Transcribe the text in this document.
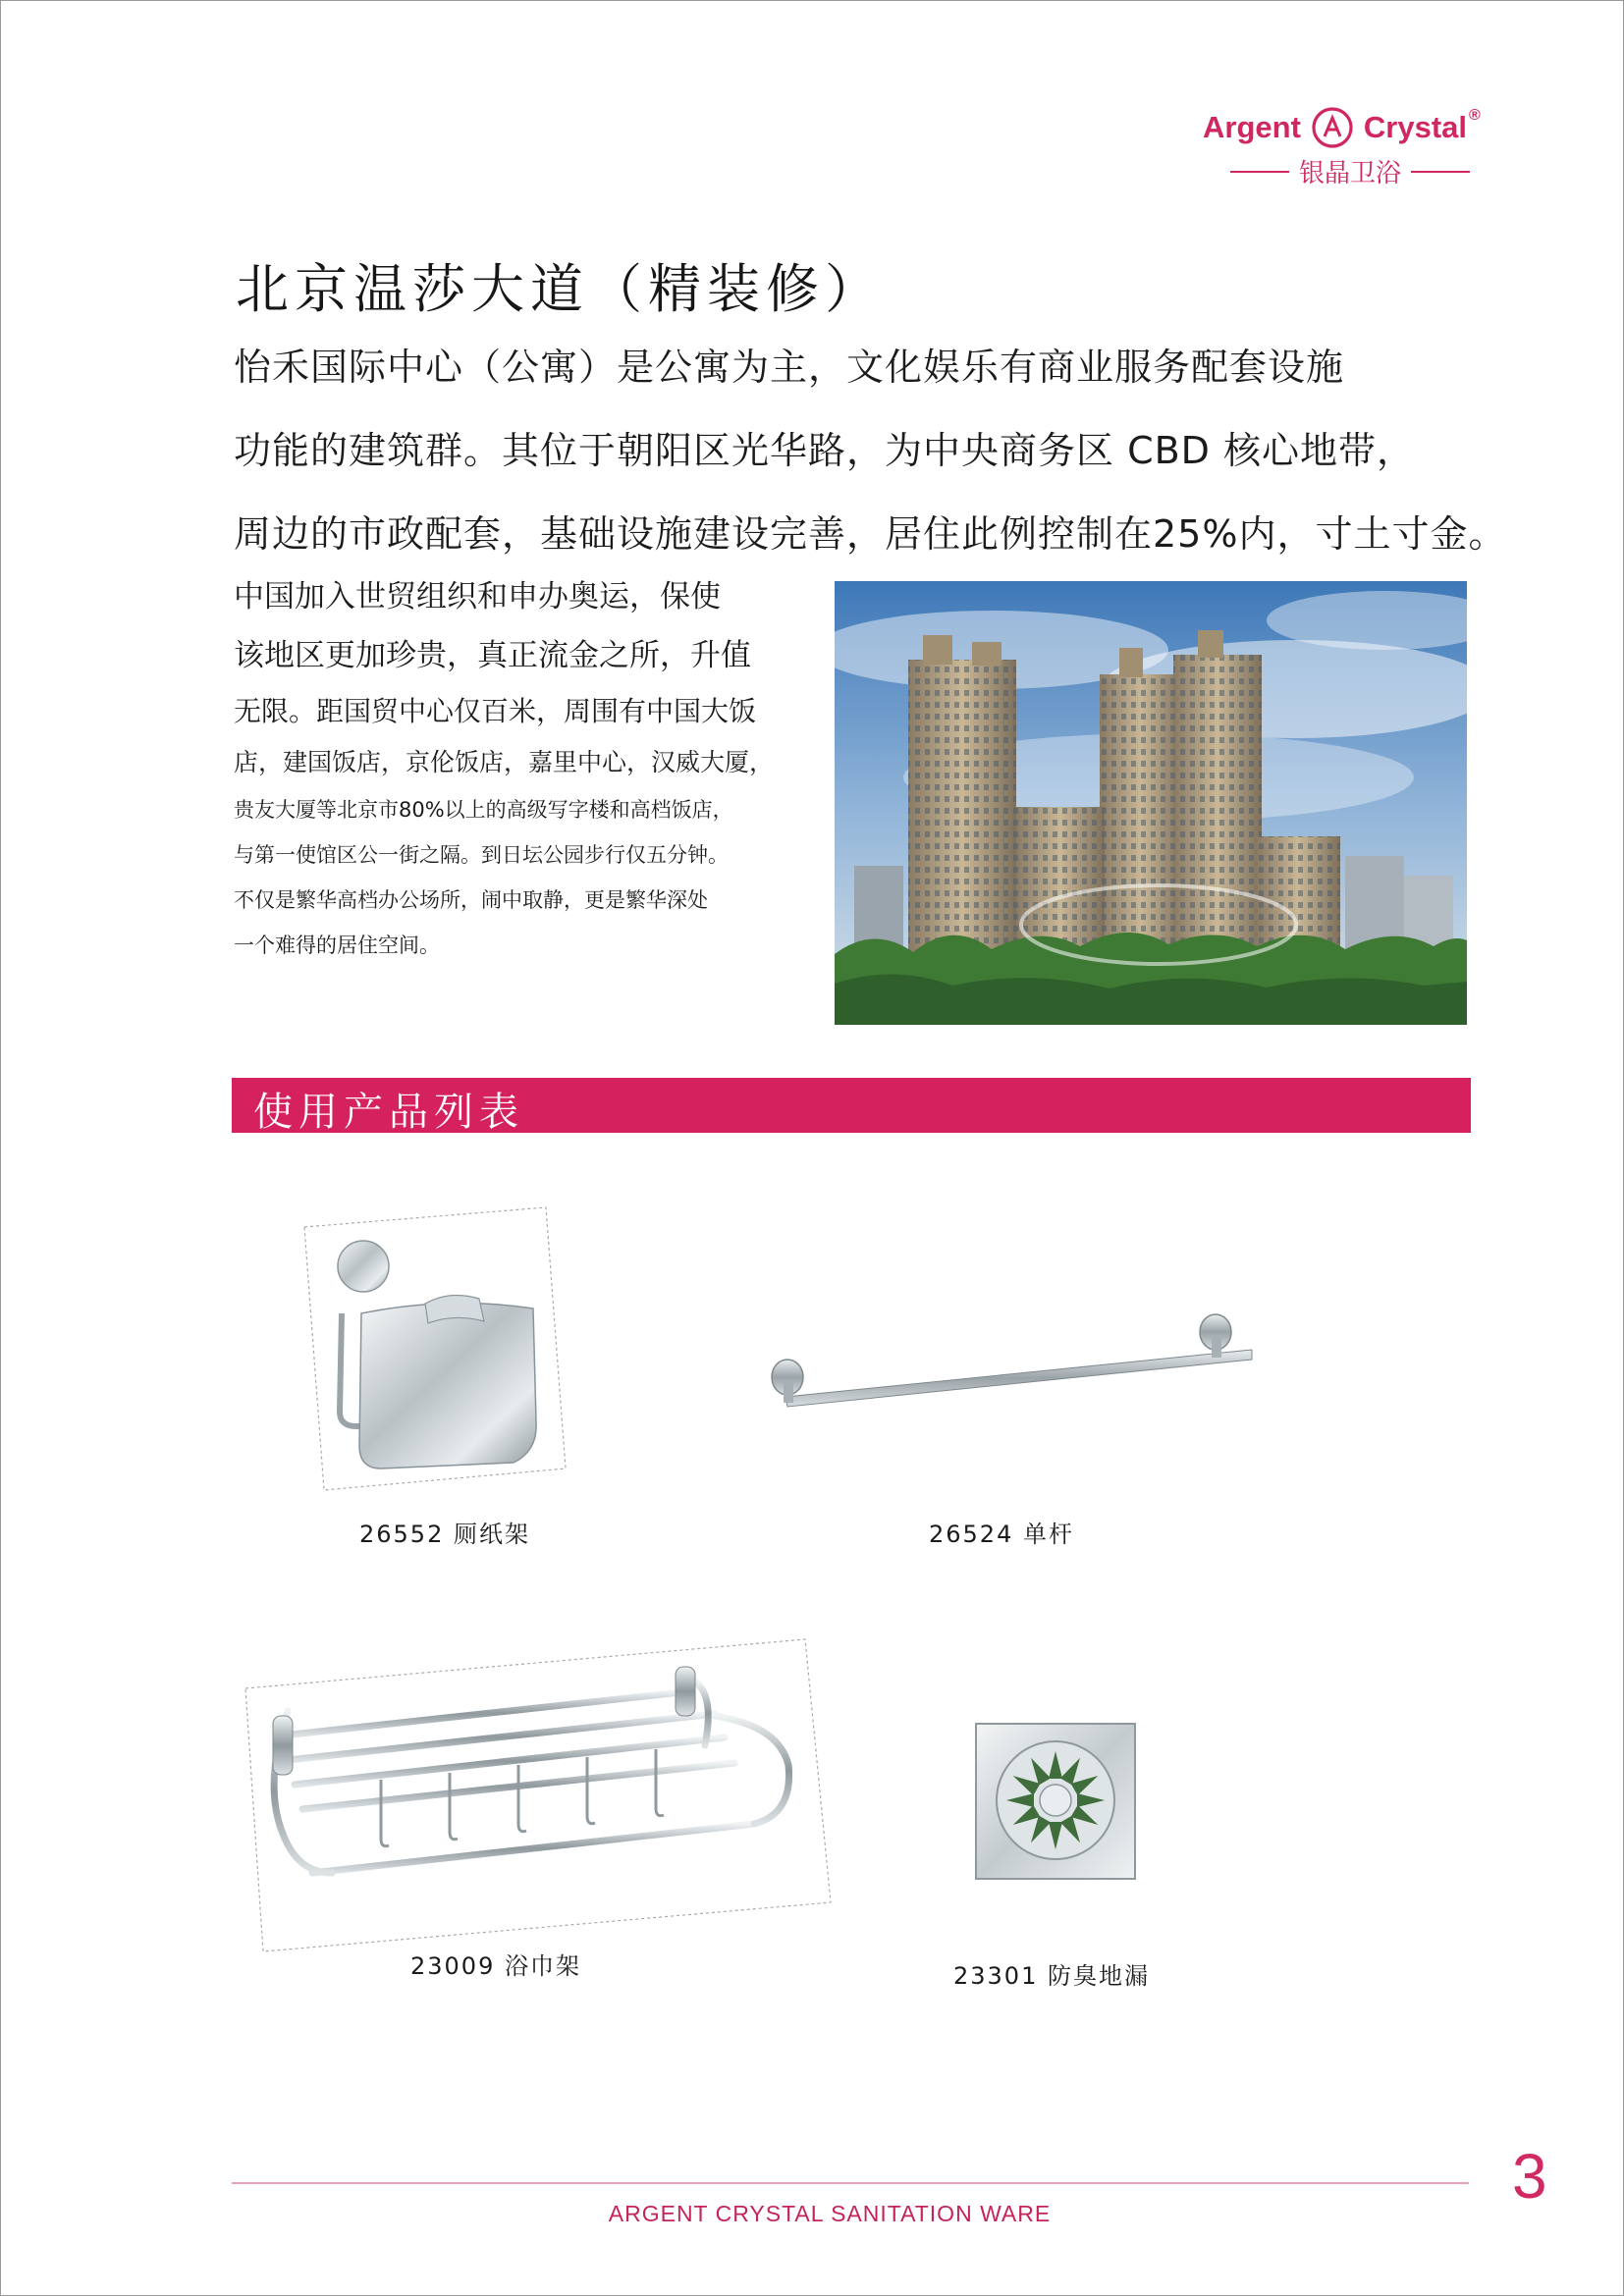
Argent Crystal ®
银晶卫浴
北京温莎大道（精装修）

怡禾国际中心（公寓）是公寓为主，文化娱乐有商业服务配套设施

功能的建筑群。其位于朝阳区光华路，为中央商务区 CBD 核心地带，

周边的市政配套，基础设施建设完善，居住此例控制在25%内，寸土寸金。

中国加入世贸组织和申办奥运，保使

该地区更加珍贵，真正流金之所，升值

无限。距国贸中心仅百米，周围有中国大饭

店，建国饭店，京伦饭店，嘉里中心，汉威大厦，

贵友大厦等北京市80%以上的高级写字楼和高档饭店，

与第一使馆区公一街之隔。到日坛公园步行仅五分钟。

不仅是繁华高档办公场所，闹中取静，更是繁华深处

一个难得的居住空间。

使用产品列表
26552 厕纸架	26524 单杆
23009 浴巾架	23301 防臭地漏
3
ARGENT CRYSTAL SANITATION WARE
